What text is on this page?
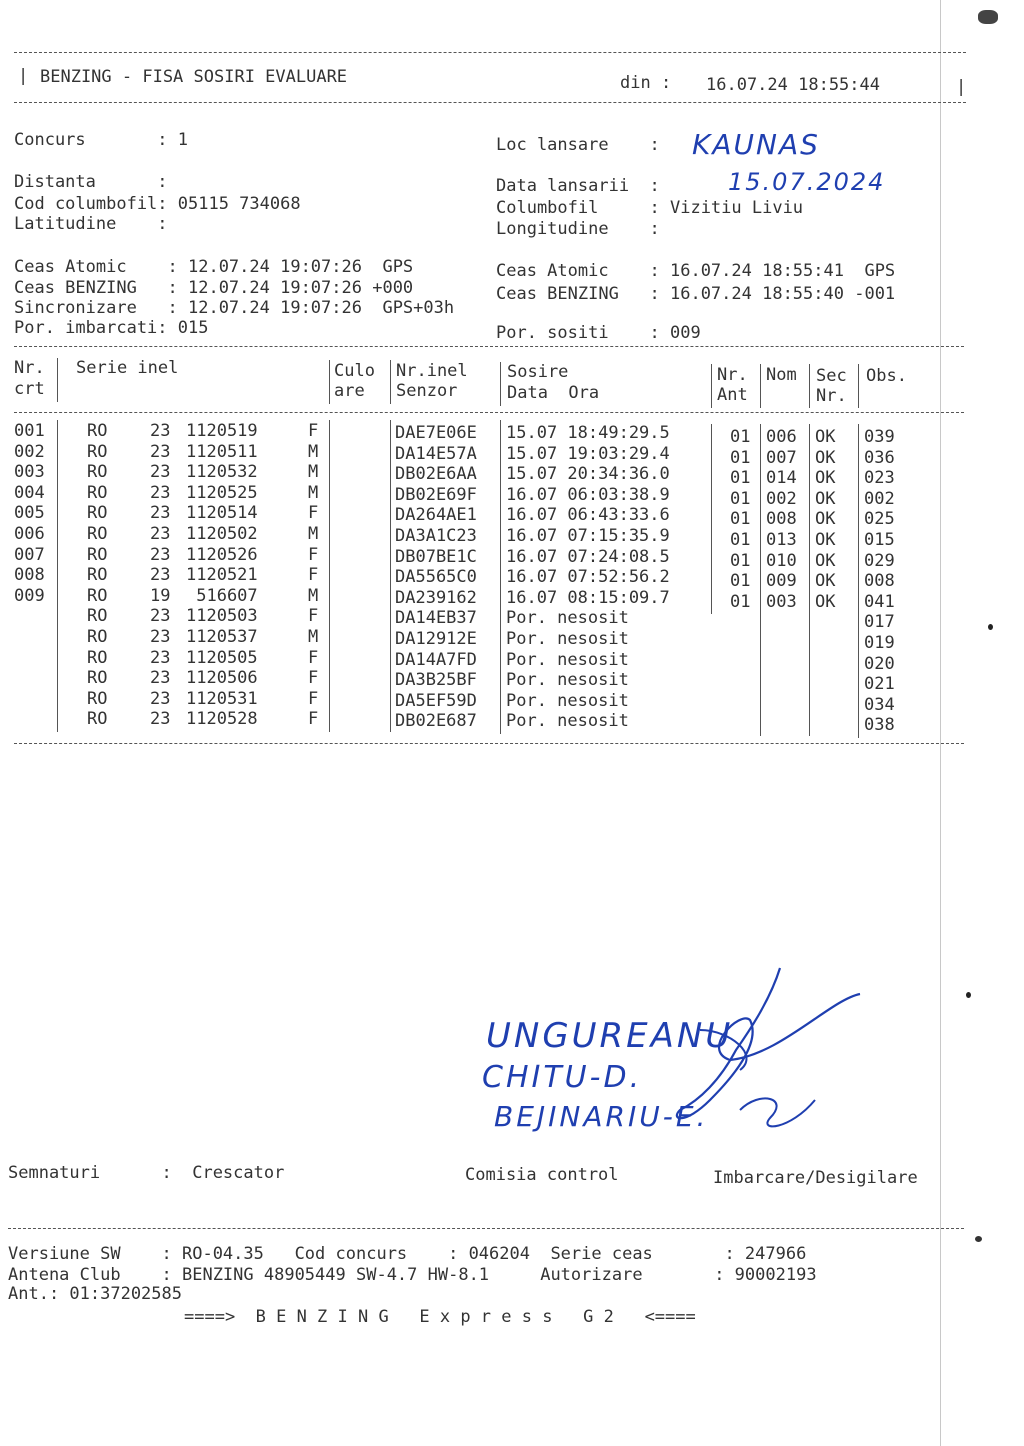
| BENZING - FISA SOSIRI EVALUARE	din : 16.07.24 18:55:44	|
Concurs       : 1	Loc lansare    : KAUNAS
Distanta      :	Data lansarii  :	15.07.2024
Cod columbofil: 05115 734068	Columbofil     : Vizitiu Liviu
Latitudine    :	Longitudine    :
Ceas Atomic    : 12.07.24 19:07:26  GPS
Ceas BENZING   : 12.07.24 19:07:26 +000
Sincronizare   : 12.07.24 19:07:26  GPS+03h
Por. imbarcati: 015
Ceas Atomic    : 16.07.24 18:55:41  GPS
Ceas BENZING   : 16.07.24 18:55:40 -001
Por. sositi    : 009
Nr.
crt
Serie inel	Culo
are
Nr.inel
Senzor
Sosire
Data  Ora
Nr.
Ant
Nom Sec
Nr.
Obs.
001 RO	23 1120519	F	DAE7E06E 15.07 18:49:29.5	01 006 OK 039
002 RO	23 1120511	M	DA14E57A 15.07 19:03:29.4	01 007 OK 036
003 RO	23 1120532	M	DB02E6AA 15.07 20:34:36.0	01 014 OK 023
004 RO	23 1120525	M	DB02E69F 16.07 06:03:38.9	01 002 OK 002
005 RO	23 1120514	F	DA264AE1 16.07 06:43:33.6	01 008 OK 025
006 RO	23 1120502	M	DA3A1C23 16.07 07:15:35.9	01 013 OK 015
007 RO	23 1120526	F	DB07BE1C 16.07 07:24:08.5	01 010 OK 029
008 RO	23 1120521	F	DA5565C0 16.07 07:52:56.2	01 009 OK 008
009 RO	19 516607	M	DA239162 16.07 08:15:09.7	01 003 OK 041
RO	23 1120503	F	DA14EB37 Por. nesosit	017
RO	23 1120537	M	DA12912E Por. nesosit	019
RO	23 1120505	F	DA14A7FD Por. nesosit	020
RO	23 1120506	F	DA3B25BF Por. nesosit	021
RO	23 1120531	F	DA5EF59D Por. nesosit	034
RO	23 1120528	F	DB02E687 Por. nesosit	038
UNGUREANU
CHITU-D.
BEJINARIU-E.
Semnaturi      :  Crescator	Comisia control	Imbarcare/Desigilare
Versiune SW    : RO-04.35   Cod concurs    : 046204  Serie ceas       : 247966
Antena Club    : BENZING 48905449 SW-4.7 HW-8.1     Autorizare       : 90002193
Ant.: 01:37202585
====>  B E N Z I N G   E x p r e s s   G 2   <====
